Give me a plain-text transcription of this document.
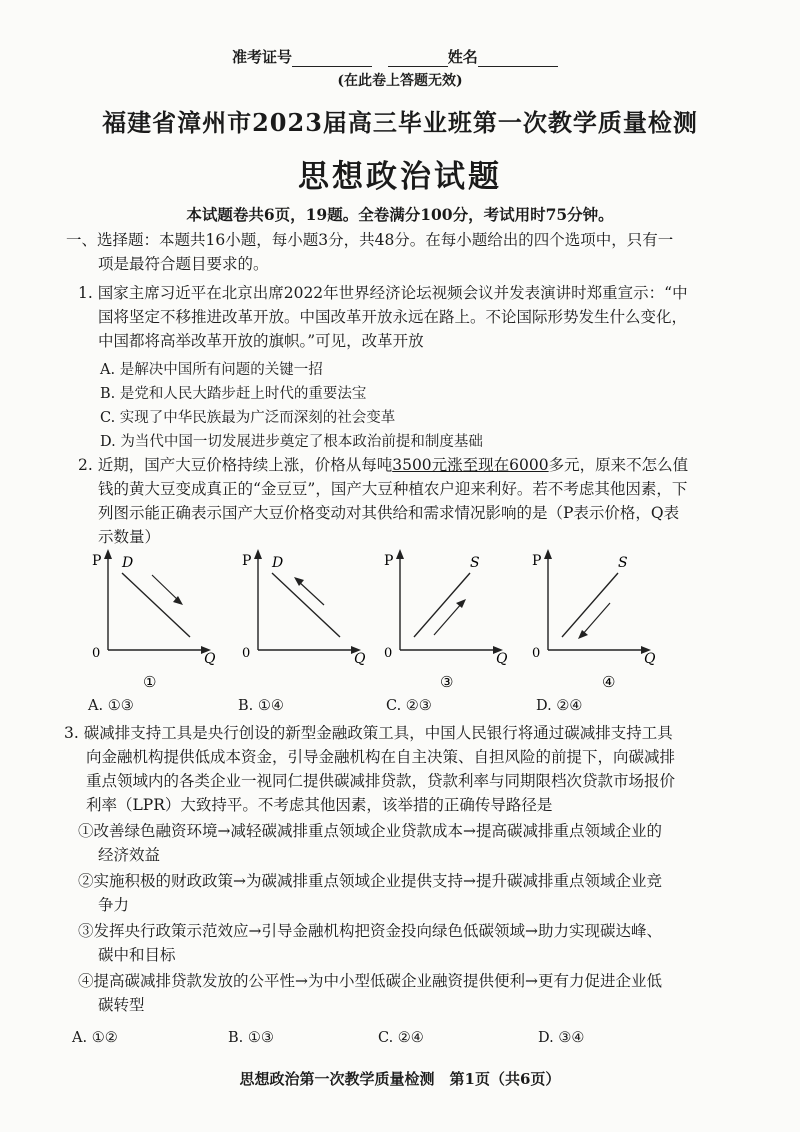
准考证号	姓名
(在此卷上答题无效)
福建省漳州市2023届高三毕业班第一次教学质量检测
思想政治试题
本试题卷共6页，19题。全卷满分100分，考试用时75分钟。
一、选择题：本题共16小题，每小题3分，共48分。在每小题给出的四个选项中，只有一
项是最符合题目要求的。
1. 国家主席习近平在北京出席2022年世界经济论坛视频会议并发表演讲时郑重宣示：“中
国将坚定不移推进改革开放。中国改革开放永远在路上。不论国际形势发生什么变化，
中国都将高举改革开放的旗帜。”可见，改革开放
A. 是解决中国所有问题的关键一招
B. 是党和人民大踏步赶上时代的重要法宝
C. 实现了中华民族最为广泛而深刻的社会变革
D. 为当代中国一切发展进步奠定了根本政治前提和制度基础
2. 近期，国产大豆价格持续上涨，价格从每吨3500元涨至现在6000多元，原来不怎么值
钱的黄大豆变成真正的“金豆豆”，国产大豆种植农户迎来利好。若不考虑其他因素，下
列图示能正确表示国产大豆价格变动对其供给和需求情况影响的是（P表示价格，Q表
示数量）
P D
0	Q
①
P D
0	Q
P	S
0	Q
③
P	S
0	Q
④
A. ①③	B. ①④	C. ②③	D. ②④
3. 碳减排支持工具是央行创设的新型金融政策工具，中国人民银行将通过碳减排支持工具
向金融机构提供低成本资金，引导金融机构在自主决策、自担风险的前提下，向碳减排
重点领域内的各类企业一视同仁提供碳减排贷款，贷款利率与同期限档次贷款市场报价
利率（LPR）大致持平。不考虑其他因素，该举措的正确传导路径是
①改善绿色融资环境→减轻碳减排重点领域企业贷款成本→提高碳减排重点领域企业的
经济效益
②实施积极的财政政策→为碳减排重点领域企业提供支持→提升碳减排重点领域企业竞
争力
③发挥央行政策示范效应→引导金融机构把资金投向绿色低碳领域→助力实现碳达峰、
碳中和目标
④提高碳减排贷款发放的公平性→为中小型低碳企业融资提供便利→更有力促进企业低
碳转型
A. ①②	B. ①③	C. ②④	D. ③④
思想政治第一次教学质量检测　第1页（共6页）
